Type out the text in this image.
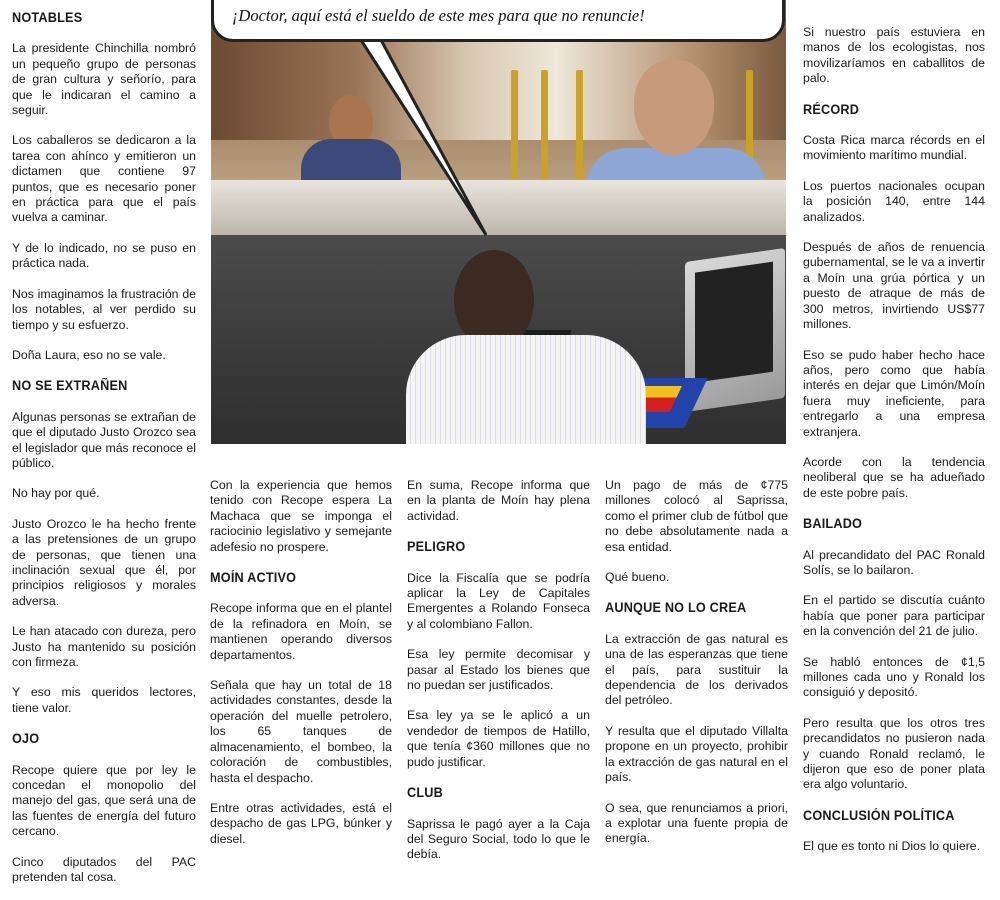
NOTABLES

La presidente Chinchilla nombró un pequeño grupo de personas de gran cultura y señorío, para que le indicaran el camino a seguir.

Los caballeros se dedicaron a la tarea con ahínco y emitieron un dictamen que contiene 97 puntos, que es necesario poner en práctica para que el país vuelva a caminar.

Y de lo indicado, no se puso en práctica nada.

Nos imaginamos la frustración de los notables, al ver perdido su tiempo y su esfuerzo.

Doña Laura, eso no se vale.

NO SE EXTRAÑEN

Algunas personas se extrañan de que el diputado Justo Orozco sea el legislador que más reconoce el público.

No hay por qué.

Justo Orozco le ha hecho frente a las pretensiones de un grupo de personas, que tienen una inclinación sexual que él, por principios religiosos y morales adversa.

Le han atacado con dureza, pero Justo ha mantenido su posición con firmeza.

Y eso mis queridos lectores, tiene valor.

OJO

Recope quiere que por ley le concedan el monopolio del manejo del gas, que será una de las fuentes de energía del futuro cercano.

Cinco diputados del PAC pretenden tal cosa.

¡Doctor, aquí está el sueldo de este mes para que no renuncie!

Con la experiencia que hemos tenido con Recope espera La Machaca que se imponga el raciocinio legislativo y semejante adefesio no prospere.

MOÍN ACTIVO

Recope informa que en el plantel de la refinadora en Moín, se mantienen operando diversos departamentos.

Señala que hay un total de 18 actividades constantes, desde la operación del muelle petrolero, los 65 tanques de almacenamiento, el bombeo, la coloración de combustibles, hasta el despacho.

Entre otras actividades, está el despacho de gas LPG, búnker y diesel.

En suma, Recope informa que en la planta de Moín hay plena actividad.

PELIGRO

Dice la Fiscalía que se podría aplicar la Ley de Capitales Emergentes a Rolando Fonseca y al colombiano Fallon.

Esa ley permite decomisar y pasar al Estado los bienes que no puedan ser justificados.

Esa ley ya se le aplicó a un vendedor de tiempos de Hatillo, que tenía ¢360 millones que no pudo justificar.

CLUB

Saprissa le pagó ayer a la Caja del Seguro Social, todo lo que le debía.

Un pago de más de ¢775 millones colocó al Saprissa, como el primer club de fútbol que no debe absolutamente nada a esa entidad.

Qué bueno.

AUNQUE NO LO CREA

La extracción de gas natural es una de las esperanzas que tiene el país, para sustituir la dependencia de los derivados del petróleo.

Y resulta que el diputado Villalta propone en un proyecto, prohibir la extracción de gas natural en el país.

O sea, que renunciamos a priori, a explotar una fuente propia de energía.

Si nuestro país estuviera en manos de los ecologistas, nos movilizaríamos en caballitos de palo.

RÉCORD

Costa Rica marca récords en el movimiento marítimo mundial.

Los puertos nacionales ocupan la posición 140, entre 144 analizados.

Después de años de renuencia gubernamental, se le va a invertir a Moín una grúa pórtica y un puesto de atraque de más de 300 metros, invirtiendo US$77 millones.

Eso se pudo haber hecho hace años, pero como que había interés en dejar que Limón/Moín fuera muy ineficiente, para entregarlo a una empresa extranjera.

Acorde con la tendencia neoliberal que se ha adueñado de este pobre país.

BAILADO

Al precandidato del PAC Ronald Solís, se lo bailaron.

En el partido se discutía cuánto había que poner para participar en la convención del 21 de julio.

Se habló entonces de ¢1,5 millones cada uno y Ronald los consiguió y depositó.

Pero resulta que los otros tres precandidatos no pusieron nada y cuando Ronald reclamó, le dijeron que eso de poner plata era algo voluntario.

CONCLUSIÓN POLÍTICA

El que es tonto ni Dios lo quiere.
